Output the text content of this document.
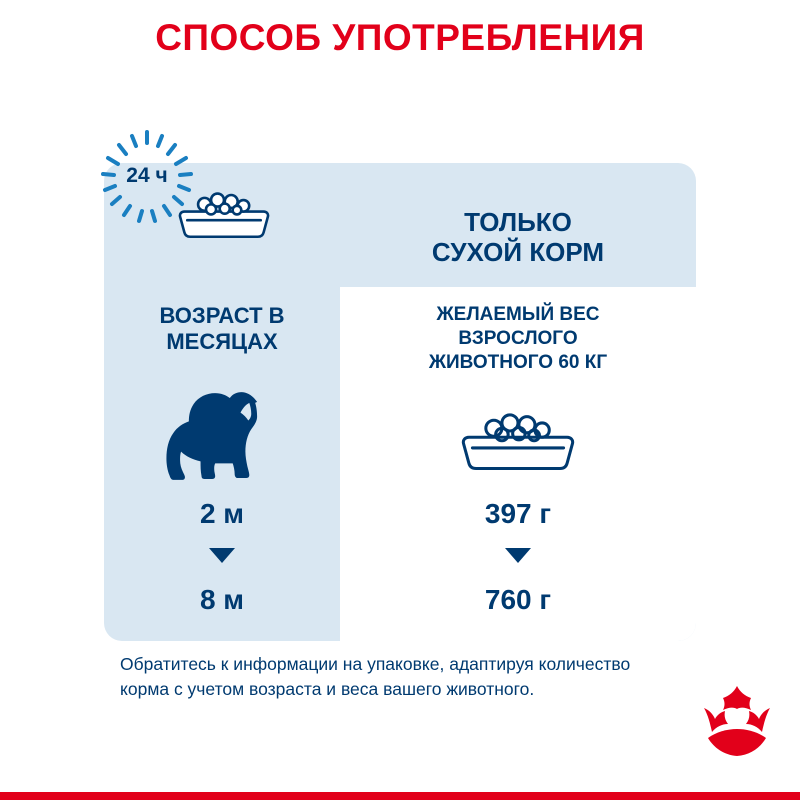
СПОСОБ УПОТРЕБЛЕНИЯ
ТОЛЬКО
СУХОЙ КОРМ
ВОЗРАСТ В
МЕСЯЦАХ
ЖЕЛАЕМЫЙ ВЕС
ВЗРОСЛОГО
ЖИВОТНОГО 60 КГ
2 м
8 м
397 г
760 г
24 ч
Обратитесь к информации на упаковке, адаптируя количество корма с учетом возраста и веса вашего животного.
